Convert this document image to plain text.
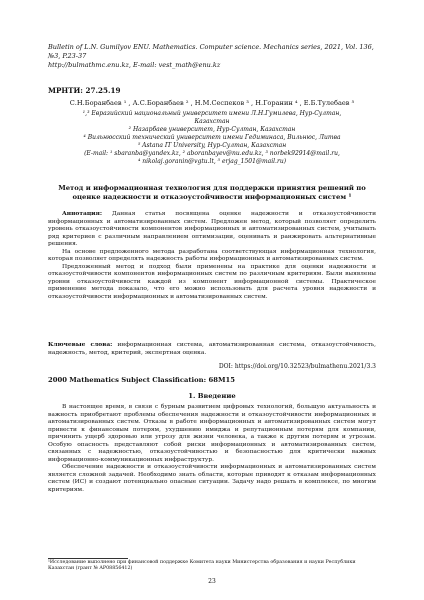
Bulletin of L.N. Gumilyov ENU. Mathematics. Computer science. Mechanics series, 2021, Vol. 136, №3, P.23-37
http://bulmathmc.enu.kz, E-mail: vest_math@enu.kz
МРНТИ: 27.25.19
С.Н.Боранбаев ¹ , А.С.Боранбаев ² , Н.М.Сеспеков ³ , Н.Горанин ⁴ , Е.Б.Тулебаев ⁵
¹,³ Евразийский национальный университет имени Л.Н.Гумилева, Нур-Султан,
Казахстан
² Назарбаев университет, Нур-Султан, Казахстан
⁴ Вильнюсский технический университет имени Гедиминаса, Вильнюс, Литва
⁵ Astana IT University, Нур-Султан, Казахстан
(E-mail: ¹ sbaranba@yandex.kz, ² aboranbayev@nu.edu.kz, ³ norbek92914@mail.ru,
⁴ nikolaj.goranin@vgtu.lt, ⁵ erjag_1501@mail.ru)
Метод и информационная технология для поддержки принятия решений по оценке надежности и отказоустойчивости информационных систем ¹

Аннотация: Данная статья посвящена оценке надежности и отказоустойчивости информационных и автоматизированных систем. Предложен метод, который позволяет определить уровень отказоустойчивости компонентов информационных и автоматизированных систем, учитывать ряд критериев с различным направлением оптимизации, оценивать и ранжировать альтернативные решения.

На основе предложенного метода разработана соответствующая информационная технология, которая позволяет определять надежность работы информационных и автоматизированных систем.

Предложенный метод и подход были применены на практике для оценки надежности и отказоустойчивости компонентов информационных систем по различным критериям. Были выявлены уровни отказоустойчивости каждой из компонент информационной системы. Практическое применение метода показало, что его можно использовать для расчета уровня надежности и отказоустойчивости информационных и автоматизированных систем.

Ключевые слова: информационная система, автоматизированная система, отказоустойчивость, надежность, метод, критерий, экспертная оценка.
DOI: https://doi.org/10.32523/bulmathenu.2021/3.3
2000 Mathematics Subject Classification: 68M15
1. Введение

В настоящее время, в связи с бурным развитием цифровых технологий, большую актуальность и важность приобретают проблемы обеспечения надежности и отказоустойчивости информационных и автоматизированных систем. Отказы в работе информационных и автоматизированных систем могут привести к финансовым потерям, ухудшению имиджа и репутационным потерям для компании, причинить ущерб здоровью или угрозу для жизни человека, а также к другим потерям и угрозам. Особую опасность представляют собой риски информационных и автоматизированных систем, связанных с надежностью, отказоустойчивостью и безопасностью для критически важных информационно-коммуникационных инфраструктур.

Обеспечение надежности и отказоустойчивости информационных и автоматизированных систем является сложной задачей. Необходимо знать области, которые приводят к отказам информационных систем (ИС) и создают потенциально опасные ситуации. Задачу надо решать в комплексе, по многим критериям.

¹Исследование выполнено при финансовой поддержке Комитета науки Министерства образования и науки Республики Казахстан (грант № AP08856412)
23
